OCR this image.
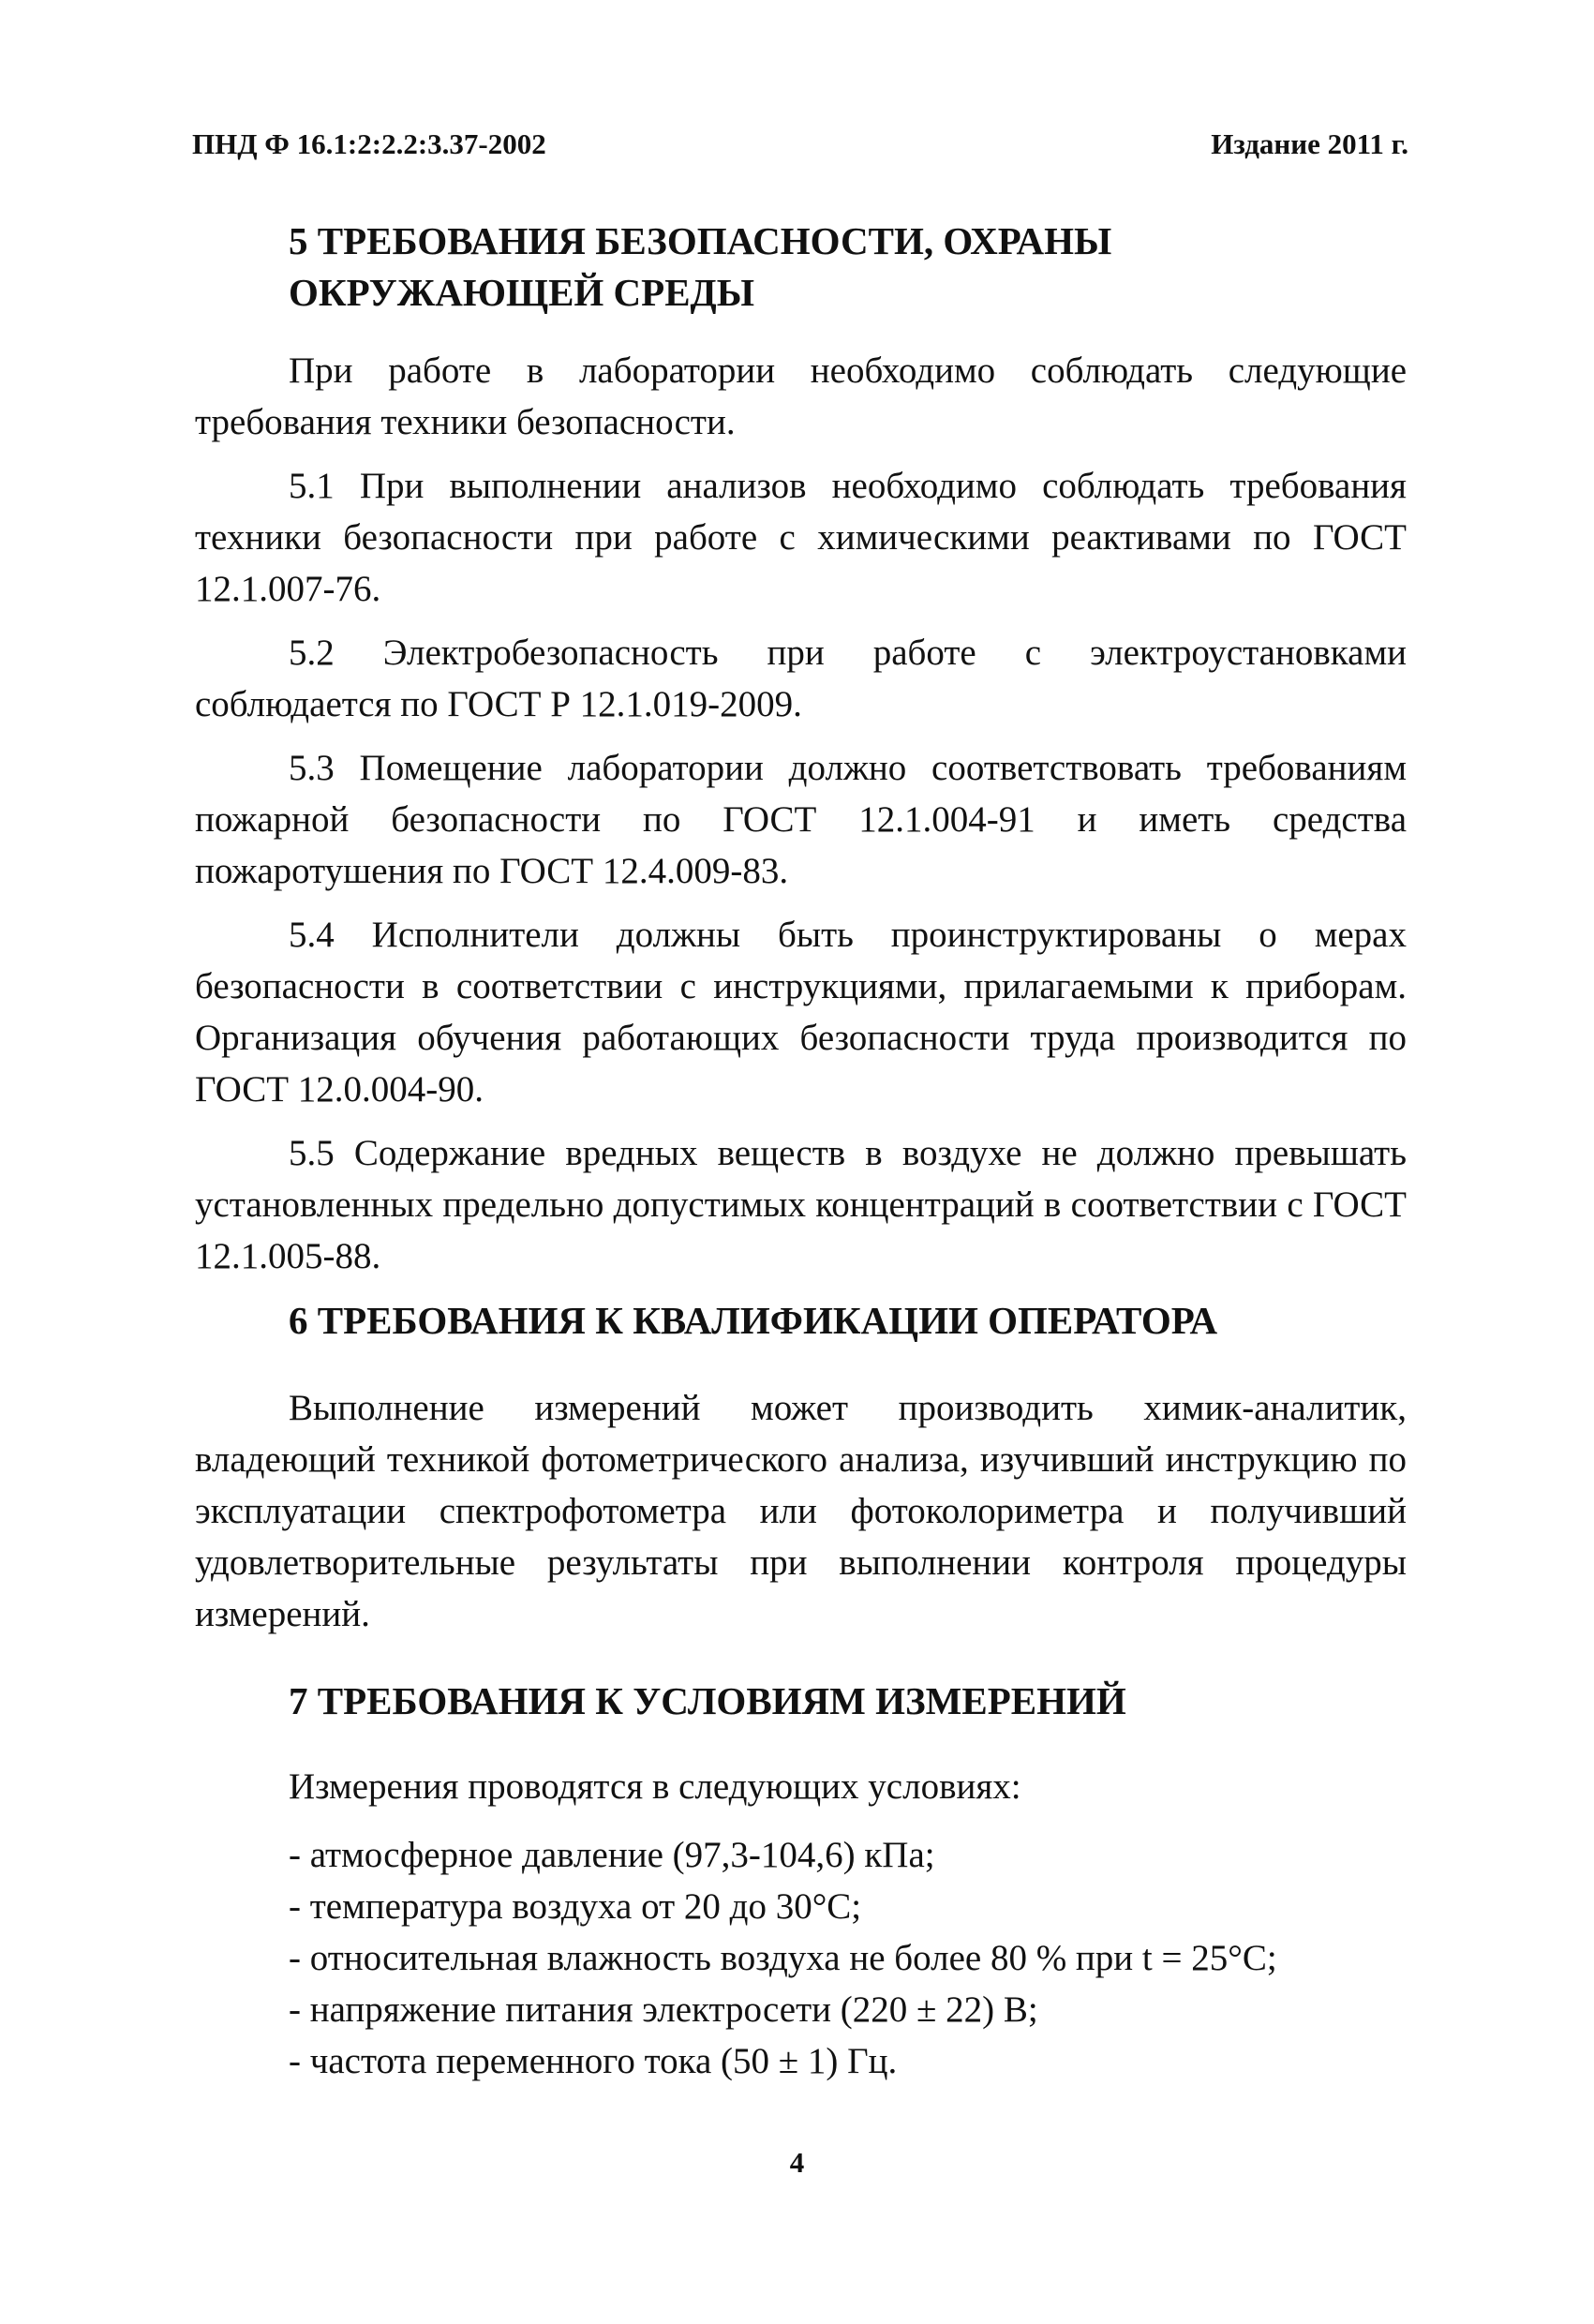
ПНД Ф 16.1:2:2.2:3.37-2002	Издание 2011 г.
5 ТРЕБОВАНИЯ БЕЗОПАСНОСТИ, ОХРАНЫ
ОКРУЖАЮЩЕЙ СРЕДЫ

При работе в лаборатории необходимо соблюдать следующие требования техники безопасности.

5.1 При выполнении анализов необходимо соблюдать требования техники безопасности при работе с химическими реактивами по ГОСТ 12.1.007-76.

5.2 Электробезопасность при работе с электроустановками соблюдается по ГОСТ Р 12.1.019-2009.

5.3 Помещение лаборатории должно соответствовать требованиям пожарной безопасности по ГОСТ 12.1.004-91 и иметь средства пожаротушения по ГОСТ 12.4.009-83.

5.4 Исполнители должны быть проинструктированы о мерах безопасности в соответствии с инструкциями, прилагаемыми к приборам. Организация обучения работающих безопасности труда производится по ГОСТ 12.0.004-90.

5.5 Содержание вредных веществ в воздухе не должно превышать установленных предельно допустимых концентраций в соответствии с ГОСТ 12.1.005-88.

6 ТРЕБОВАНИЯ К КВАЛИФИКАЦИИ ОПЕРАТОРА

Выполнение измерений может производить химик-аналитик, владеющий техникой фотометрического анализа, изучивший инструкцию по эксплуатации спектрофотометра или фотоколориметра и получивший удовлетворительные результаты при выполнении контроля процедуры измерений.

7 ТРЕБОВАНИЯ К УСЛОВИЯМ ИЗМЕРЕНИЙ

Измерения проводятся в следующих условиях:

- атмосферное давление (97,3-104,6) кПа;
- температура воздуха от 20 до 30°С;
- относительная влажность воздуха не более 80 % при t = 25°С;
- напряжение питания электросети (220 ± 22) В;
- частота переменного тока (50 ± 1) Гц.
4
